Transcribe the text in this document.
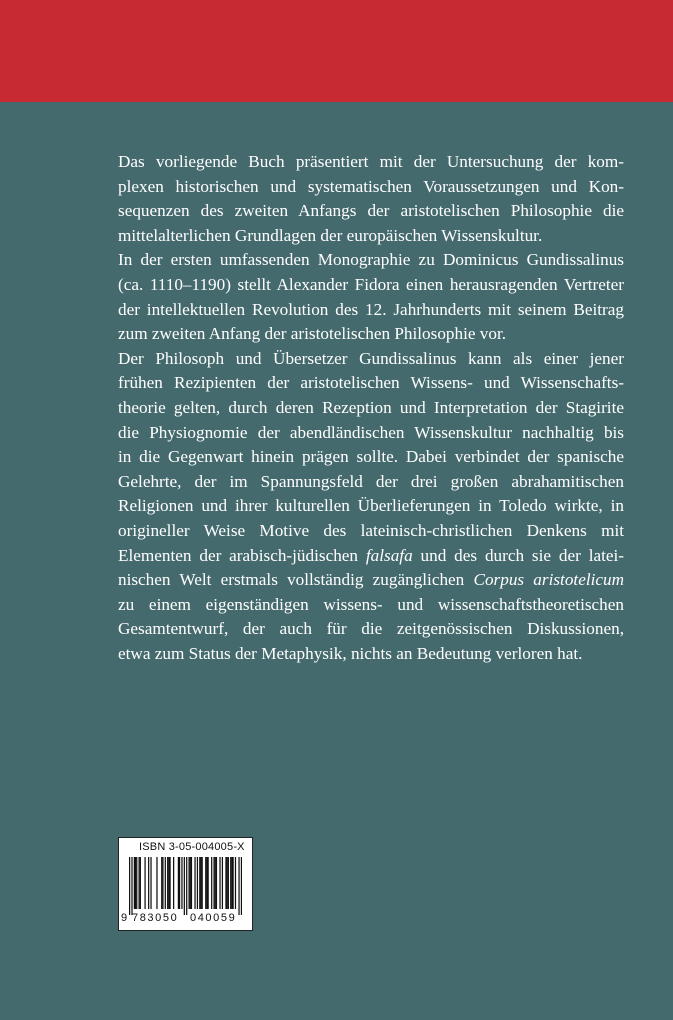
Das vorliegende Buch präsentiert mit der Untersuchung der kom-
plexen historischen und systematischen Voraussetzungen und Kon-
sequenzen des zweiten Anfangs der aristotelischen Philosophie die
mittelalterlichen Grundlagen der europäischen Wissenskultur.
In der ersten umfassenden Monographie zu Dominicus Gundissalinus
(ca. 1110–1190) stellt Alexander Fidora einen herausragenden Vertreter
der intellektuellen Revolution des 12. Jahrhunderts mit seinem Beitrag
zum zweiten Anfang der aristotelischen Philosophie vor.
Der Philosoph und Übersetzer Gundissalinus kann als einer jener
frühen Rezipienten der aristotelischen Wissens- und Wissenschafts-
theorie gelten, durch deren Rezeption und Interpretation der Stagirite
die Physiognomie der abendländischen Wissenskultur nachhaltig bis
in die Gegenwart hinein prägen sollte. Dabei verbindet der spanische
Gelehrte, der im Spannungsfeld der drei großen abrahamitischen
Religionen und ihrer kulturellen Überlieferungen in Toledo wirkte, in
origineller Weise Motive des lateinisch-christlichen Denkens mit
Elementen der arabisch-jüdischen falsafa und des durch sie der latei-
nischen Welt erstmals vollständig zugänglichen Corpus aristotelicum
zu einem eigenständigen wissens- und wissenschaftstheoretischen
Gesamtentwurf, der auch für die zeitgenössischen Diskussionen,
etwa zum Status der Metaphysik, nichts an Bedeutung verloren hat.
ISBN 3-05-004005-X
9 783050 040059
